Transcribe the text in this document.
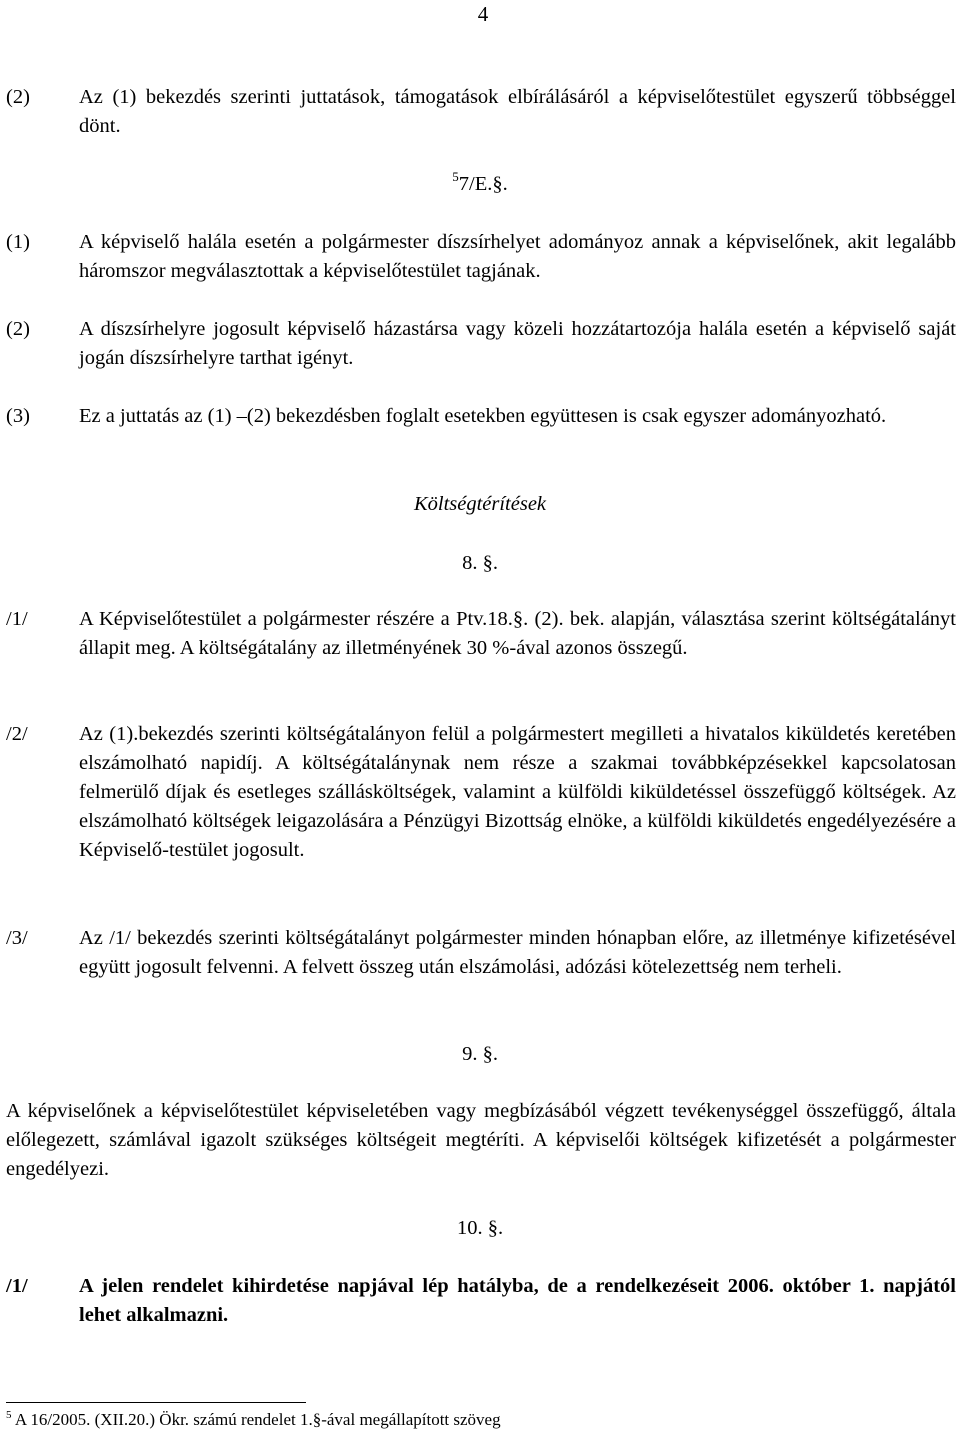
4
(2) Az (1) bekezdés szerinti juttatások, támogatások elbírálásáról a képviselőtestület egyszerű többséggel dönt.
$^5$7/E.§.
(1) A képviselő halála esetén a polgármester díszsírhelyet adományoz annak a képviselőnek, akit legalább háromszor megválasztottak a képviselőtestület tagjának.
(2) A díszsírhelyre jogosult képviselő házastársa vagy közeli hozzátartozója halála esetén a képviselő saját jogán díszsírhelyre tarthat igényt.
(3) Ez a juttatás az (1) –(2) bekezdésben foglalt esetekben együttesen is csak egyszer adományozható.
Költségtérítések
8. §.
/1/	A Képviselőtestület a polgármester részére a Ptv.18.§. (2). bek. alapján, választása szerint költségátalányt állapit meg. A költségátalány az illetményének 30 %-ával azonos összegű.
/2/	Az (1).bekezdés szerinti költségátalányon felül a polgármestert megilleti a hivatalos kiküldetés keretében elszámolható napidíj. A költségátalánynak nem része a szakmai továbbképzésekkel kapcsolatosan felmerülő díjak és esetleges szállásköltségek, valamint a külföldi kiküldetéssel összefüggő költségek. Az elszámolható költségek leigazolására a Pénzügyi Bizottság elnöke, a külföldi kiküldetés engedélyezésére a Képviselő-testület jogosult.
/3/	Az /1/ bekezdés szerinti költségátalányt polgármester minden hónapban előre, az illetménye kifizetésével együtt jogosult felvenni. A felvett összeg után elszámolási, adózási kötelezettség nem terheli.
9. §.
A képviselőnek a képviselőtestület képviseletében vagy megbízásából végzett tevékenységgel összefüggő, általa előlegezett, számlával igazolt szükséges költségeit megtéríti. A képviselői költségek kifizetését a polgármester engedélyezi.
10. §.
/1/	A jelen rendelet kihirdetése napjával lép hatályba, de a rendelkezéseit 2006. október 1. napjától lehet alkalmazni.
$^5$ A 16/2005. (XII.20.) Ökr. számú rendelet 1.§-ával megállapított szöveg
